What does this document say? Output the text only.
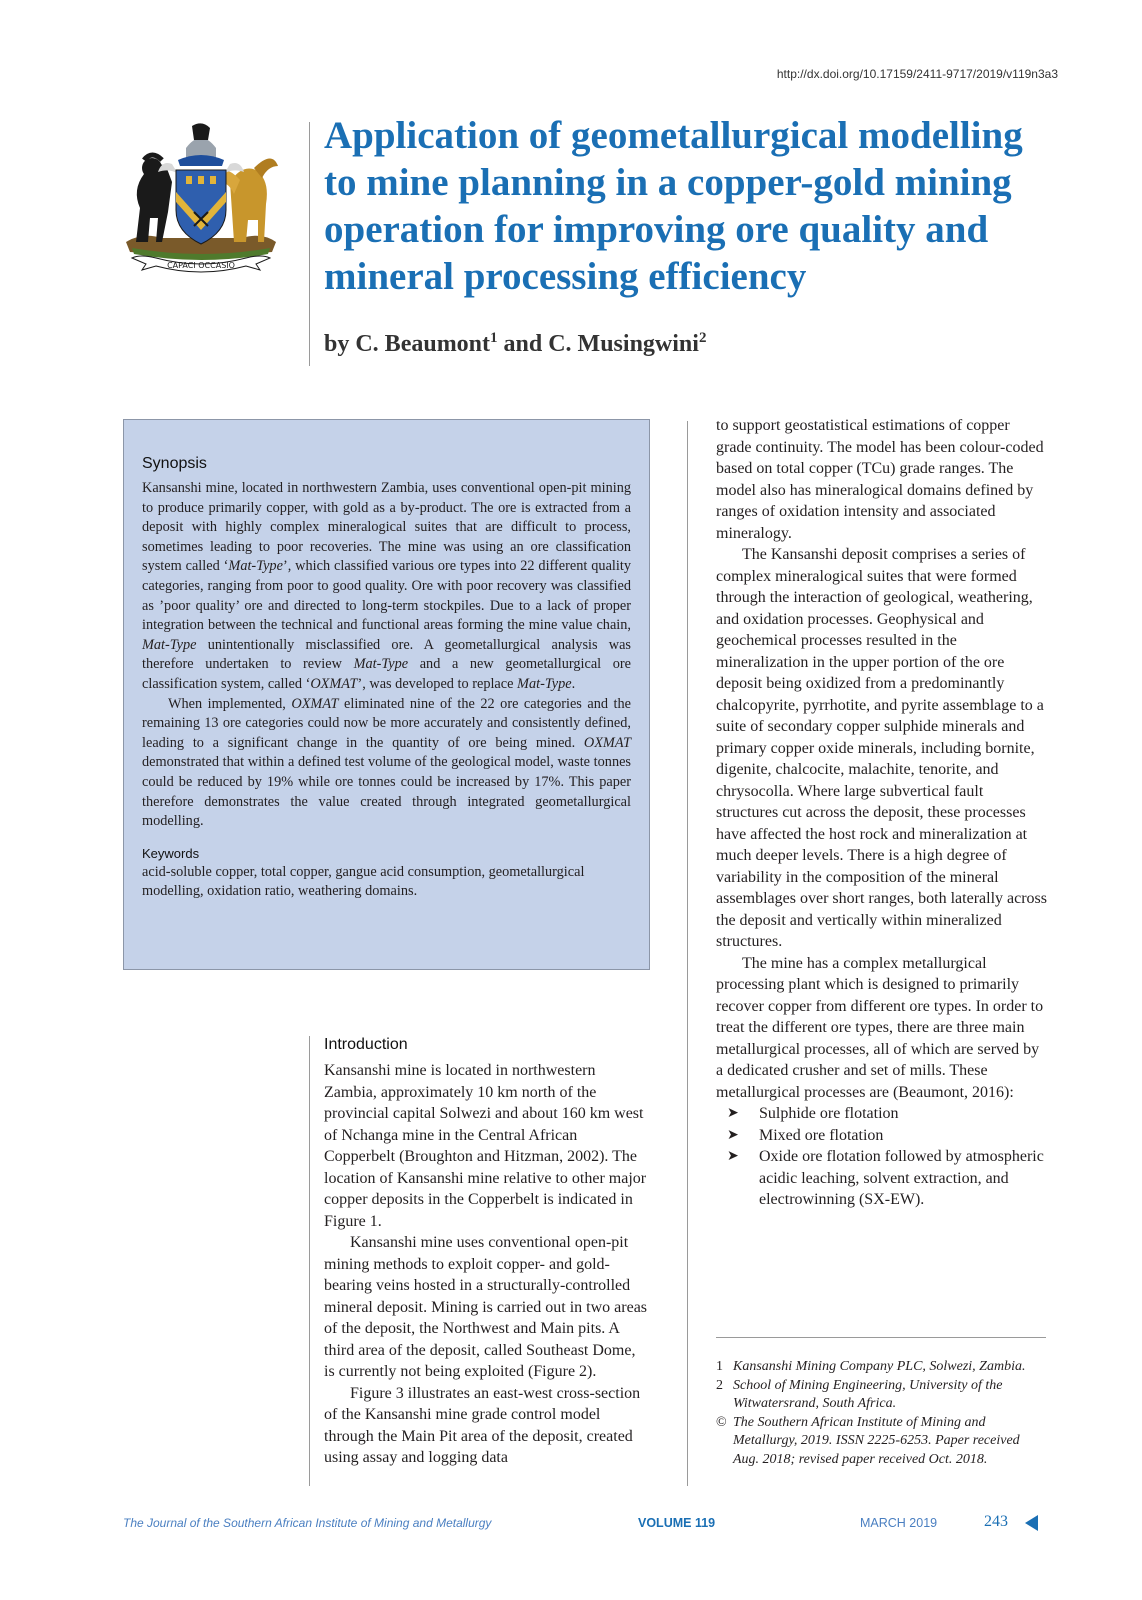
http://dx.doi.org/10.17159/2411-9717/2019/v119n3a3
CAPACI OCCASIO
Application of geometallurgical modelling to mine planning in a copper-gold mining operation for improving ore quality and mineral processing efficiency

by C. Beaumont$^1$ and C. Musingwini$^2$

Synopsis

Kansanshi mine, located in northwestern Zambia, uses conventional open-pit mining to produce primarily copper, with gold as a by-product. The ore is extracted from a deposit with highly complex mineralogical suites that are difficult to process, sometimes leading to poor recoveries. The mine was using an ore classification system called ‘Mat-Type’, which classified various ore types into 22 different quality categories, ranging from poor to good quality. Ore with poor recovery was classified as ’poor quality’ ore and directed to long-term stockpiles. Due to a lack of proper integration between the technical and functional areas forming the mine value chain, Mat-Type unintentionally misclassified ore. A geometallurgical analysis was therefore undertaken to review Mat-Type and a new geometallurgical ore classification system, called ‘OXMAT’, was developed to replace Mat-Type.

When implemented, OXMAT eliminated nine of the 22 ore categories and the remaining 13 ore categories could now be more accurately and consistently defined, leading to a significant change in the quantity of ore being mined. OXMAT demonstrated that within a defined test volume of the geological model, waste tonnes could be reduced by 19% while ore tonnes could be increased by 17%. This paper therefore demonstrates the value created through integrated geometallurgical modelling.

Keywords

acid-soluble copper, total copper, gangue acid consumption, geometallurgical modelling, oxidation ratio, weathering domains.

Introduction

Kansanshi mine is located in northwestern Zambia, approximately 10 km north of the provincial capital Solwezi and about 160 km west of Nchanga mine in the Central African Copperbelt (Broughton and Hitzman, 2002). The location of Kansanshi mine relative to other major copper deposits in the Copperbelt is indicated in Figure 1.

Kansanshi mine uses conventional open-pit mining methods to exploit copper- and gold-bearing veins hosted in a structurally-controlled mineral deposit. Mining is carried out in two areas of the deposit, the Northwest and Main pits. A third area of the deposit, called Southeast Dome, is currently not being exploited (Figure 2).

Figure 3 illustrates an east-west cross-section of the Kansanshi mine grade control model through the Main Pit area of the deposit, created using assay and logging data

to support geostatistical estimations of copper grade continuity. The model has been colour-coded based on total copper (TCu) grade ranges. The model also has mineralogical domains defined by ranges of oxidation intensity and associated mineralogy.

The Kansanshi deposit comprises a series of complex mineralogical suites that were formed through the interaction of geological, weathering, and oxidation processes. Geophysical and geochemical processes resulted in the mineralization in the upper portion of the ore deposit being oxidized from a predominantly chalcopyrite, pyrrhotite, and pyrite assemblage to a suite of secondary copper sulphide minerals and primary copper oxide minerals, including bornite, digenite, chalcocite, malachite, tenorite, and chrysocolla. Where large subvertical fault structures cut across the deposit, these processes have affected the host rock and mineralization at much deeper levels. There is a high degree of variability in the composition of the mineral assemblages over short ranges, both laterally across the deposit and vertically within mineralized structures.

The mine has a complex metallurgical processing plant which is designed to primarily recover copper from different ore types. In order to treat the different ore types, there are three main metallurgical processes, all of which are served by a dedicated crusher and set of mills. These metallurgical processes are (Beaumont, 2016):

➤ Sulphide ore flotation
➤ Mixed ore flotation
➤ Oxide ore flotation followed by atmospheric acidic leaching, solvent extraction, and electrowinning (SX-EW).
1 Kansanshi Mining Company PLC, Solwezi, Zambia.
2 School of Mining Engineering, University of the Witwatersrand, South Africa.
© The Southern African Institute of Mining and Metallurgy, 2019. ISSN 2225-6253. Paper received Aug. 2018; revised paper received Oct. 2018.
The Journal of the Southern African Institute of Mining and Metallurgy	VOLUME 119	MARCH 2019	243
